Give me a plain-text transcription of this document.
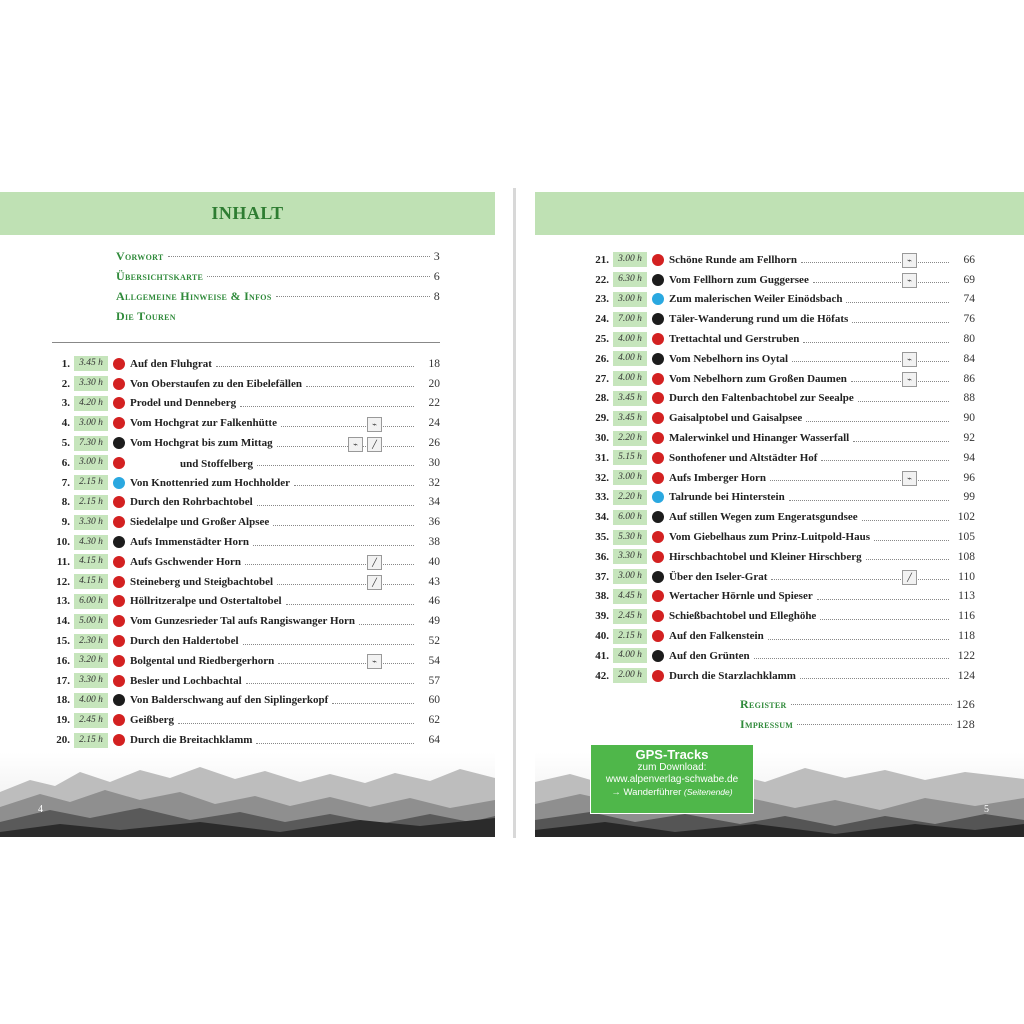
INHALT
Vorwort	3
Übersichtskarte	6
Allgemeine Hinweise & Infos	8
Die Touren
1. 3.45 h	Auf den Fluhgrat	18
2. 3.30 h	Von Oberstaufen zu den Eibelefällen	20
3. 4.20 h	Prodel und Denneberg	22
4. 3.00 h	Vom Hochgrat zur Falkenhütte	⌁	24
5. 7.30 h	Vom Hochgrat bis zum Mittag	⌁	╱	26
6. 3.00 h	und Stoffelberg	30
7. 2.15 h	Von Knottenried zum Hochholder	32
8. 2.15 h	Durch den Rohrbachtobel	34
9. 3.30 h	Siedelalpe und Großer Alpsee	36
10. 4.30 h	Aufs Immenstädter Horn	38
11. 4.15 h	Aufs Gschwender Horn	╱	40
12. 4.15 h	Steineberg und Steigbachtobel	╱	43
13. 6.00 h	Höllritzeralpe und Ostertaltobel	46
14. 5.00 h	Vom Gunzesrieder Tal aufs Rangiswanger Horn	49
15. 2.30 h	Durch den Haldertobel	52
16. 3.20 h	Bolgental und Riedbergerhorn	⌁	54
17. 3.30 h	Besler und Lochbachtal	57
18. 4.00 h	Von Balderschwang auf den Siplingerkopf	60
19. 2.45 h	Geißberg	62
20. 2.15 h	Durch die Breitachklamm	64
4
21. 3.00 h	Schöne Runde am Fellhorn	⌁	66
22. 6.30 h	Vom Fellhorn zum Guggersee	⌁	69
23. 3.00 h	Zum malerischen Weiler Einödsbach	74
24. 7.00 h	Täler-Wanderung rund um die Höfats	76
25. 4.00 h	Trettachtal und Gerstruben	80
26. 4.00 h	Vom Nebelhorn ins Oytal	⌁	84
27. 4.00 h	Vom Nebelhorn zum Großen Daumen	⌁	86
28. 3.45 h	Durch den Faltenbachtobel zur Seealpe	88
29. 3.45 h	Gaisalptobel und Gaisalpsee	90
30. 2.20 h	Malerwinkel und Hinanger Wasserfall	92
31. 5.15 h	Sonthofener und Altstädter Hof	94
32. 3.00 h	Aufs Imberger Horn	⌁	96
33. 2.20 h	Talrunde bei Hinterstein	99
34. 6.00 h	Auf stillen Wegen zum Engeratsgundsee	102
35. 5.30 h	Vom Giebelhaus zum Prinz-Luitpold-Haus	105
36. 3.30 h	Hirschbachtobel und Kleiner Hirschberg	108
37. 3.00 h	Über den Iseler-Grat	╱	110
38. 4.45 h	Wertacher Hörnle und Spieser	113
39. 2.45 h	Schießbachtobel und Elleghöhe	116
40. 2.15 h	Auf den Falkenstein	118
41. 4.00 h	Auf den Grünten	122
42. 2.00 h	Durch die Starzlachklamm	124
Register	126
Impressum	128
GPS-Tracks
zum Download:
www.alpenverlag-schwabe.de
→ Wanderführer (Seitenende)
5
